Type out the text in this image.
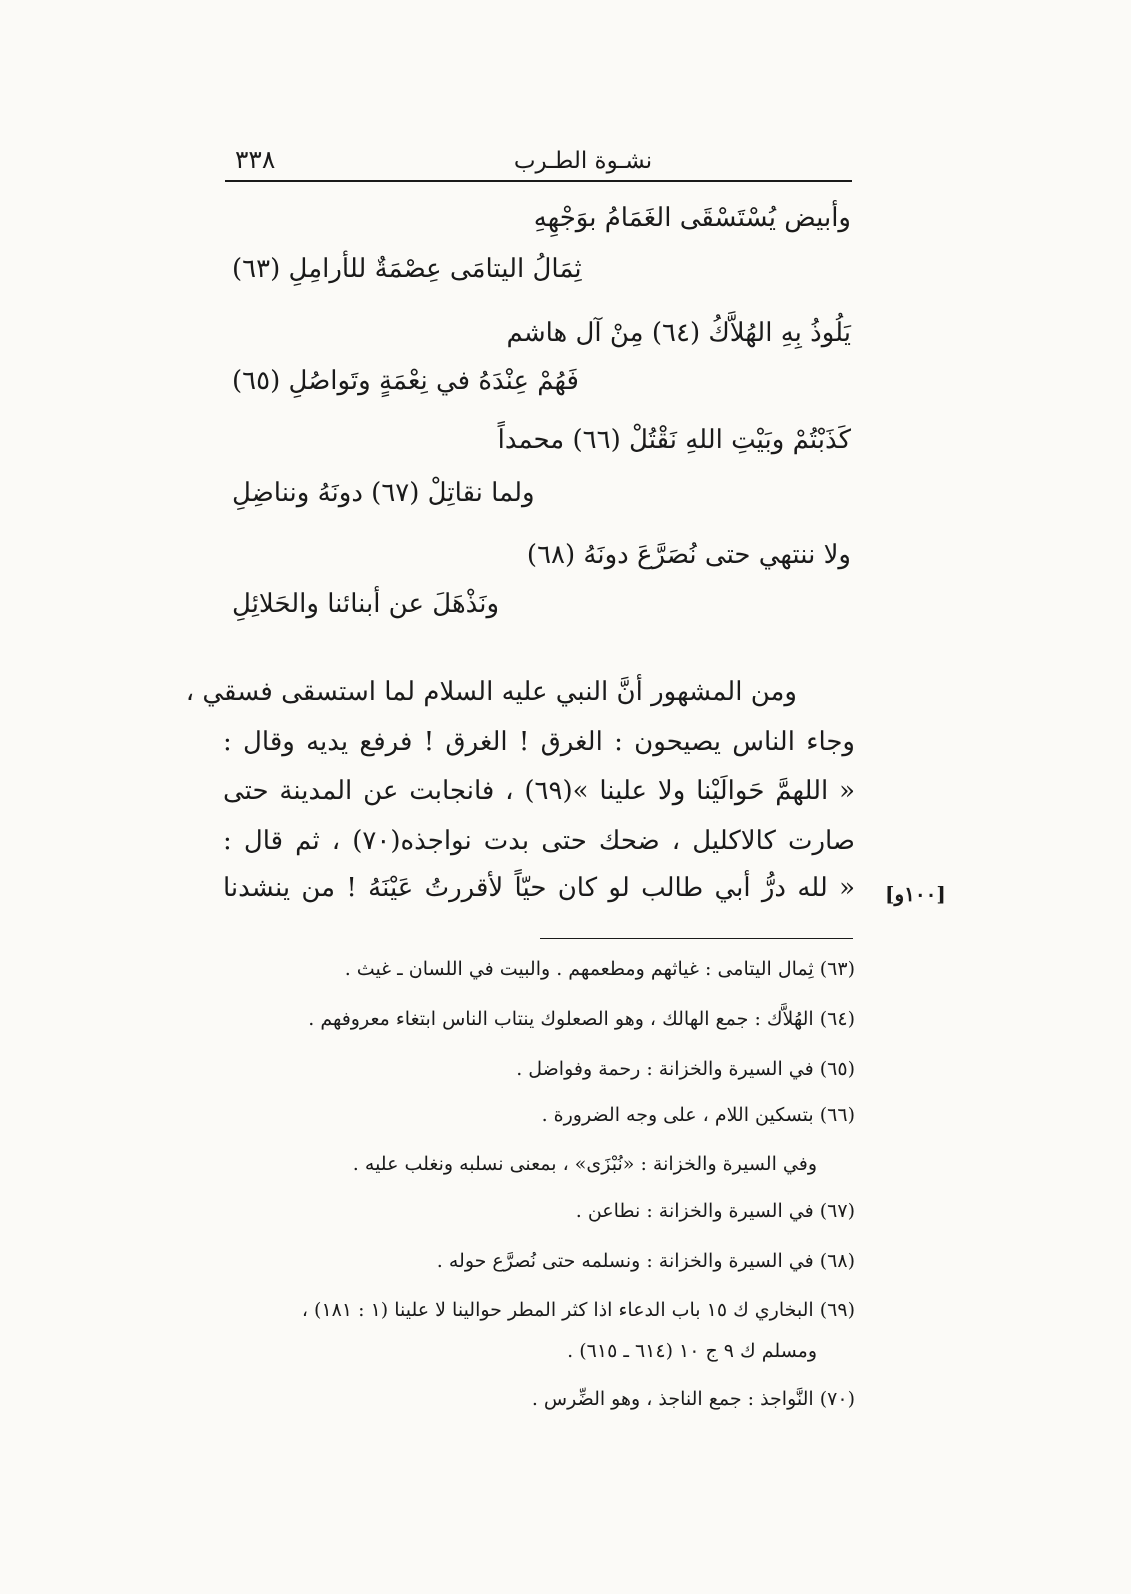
٣٣٨	نشـوة الطـرب
وأبيض يُسْتَسْقَى الغَمَامُ بوَجْهِهِ
ثِمَالُ اليتامَى عِصْمَةٌ للأرامِلِ (٦٣)
يَلُوذُ بِهِ الهُلاَّكُ (٦٤) مِنْ آل هاشم
فَهُمْ عِنْدَهُ في نِعْمَةٍ وتَواصُلِ (٦٥)
كَذَبْتُمْ وبَيْتِ اللهِ نَقْتُلْ (٦٦) محمداً
ولما نقاتِلْ (٦٧) دونَهُ ونناضِلِ
ولا ننتهي حتى نُصَرَّعَ دونَهُ (٦٨)
ونَذْهَلَ عن أبنائنا والحَلائِلِ
ومن المشهور أنَّ النبي عليه السلام لما استسقى فسقي ،
وجاء الناس يصيحون : الغرق ! الغرق ! فرفع يديه وقال :
« اللهمَّ حَوالَيْنا ولا علينا »(٦٩) ، فانجابت عن المدينة حتى
صارت كالاكليل ، ضحك حتى بدت نواجذه(٧٠) ، ثم قال :
« لله درُّ أبي طالب لو كان حيّاً لأقررتُ عَيْنَهُ ! من ينشدنا [١٠٠و]
(٦٣) ثِمال اليتامى : غياثهم ومطعمهم . والبيت في اللسان ـ غيث .
(٦٤) الهُلاَّك : جمع الهالك ، وهو الصعلوك ينتاب الناس ابتغاء معروفهم .
(٦٥) في السيرة والخزانة : رحمة وفواضل .
(٦٦) بتسكين اللام ، على وجه الضرورة .
وفي السيرة والخزانة : «نُبْزَى» ، بمعنى نسلبه ونغلب عليه .
(٦٧) في السيرة والخزانة : نطاعن .
(٦٨) في السيرة والخزانة : ونسلمه حتى نُصرَّع حوله .
(٦٩) البخاري ك ١٥ باب الدعاء اذا كثر المطر حوالينا لا علينا (١ : ١٨١) ،
ومسلم ك ٩ ج ١٠ (٦١٤ ـ ٦١٥) .
(٧٠) النَّواجذ : جمع الناجذ ، وهو الضِّرس .
